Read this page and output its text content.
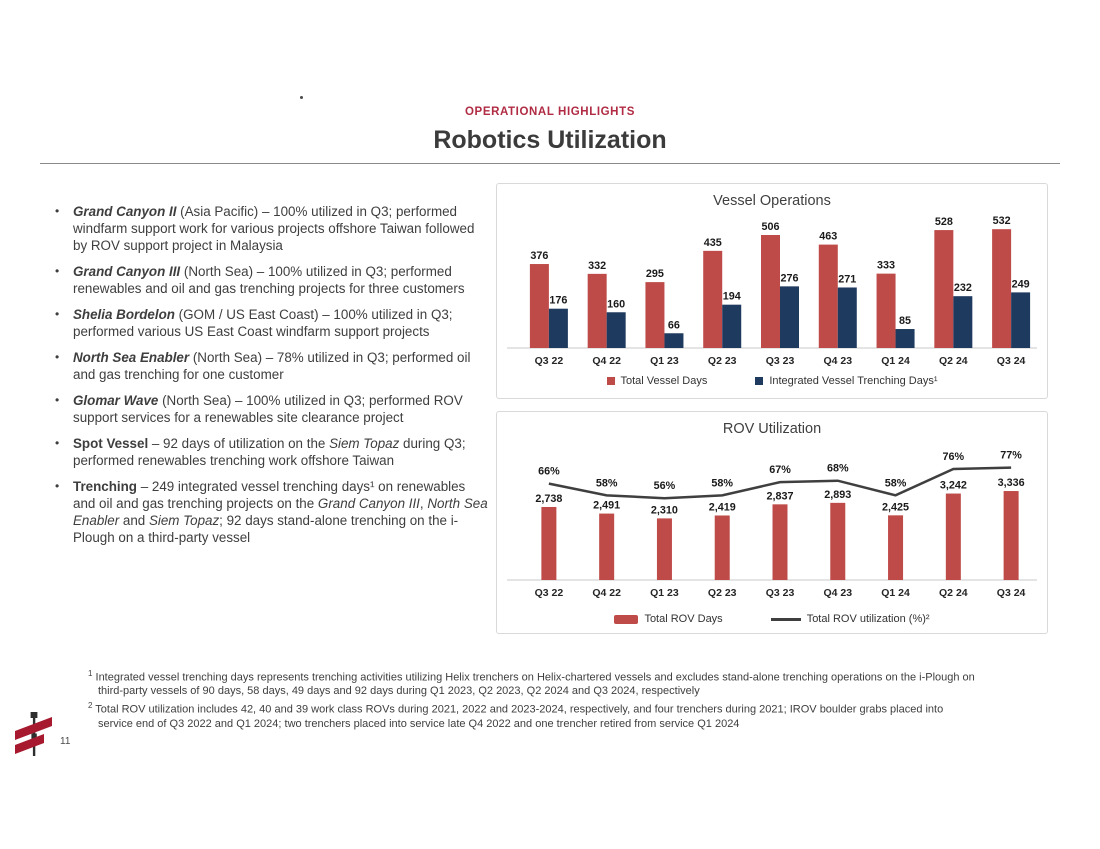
OPERATIONAL HIGHLIGHTS
Robotics Utilization
• Grand Canyon II (Asia Pacific) – 100% utilized in Q3; performed windfarm support work for various projects offshore Taiwan followed by ROV support project in Malaysia
• Grand Canyon III (North Sea) – 100% utilized in Q3; performed renewables and oil and gas trenching projects for three customers
• Shelia Bordelon (GOM / US East Coast) – 100% utilized in Q3; performed various US East Coast windfarm support projects
• North Sea Enabler (North Sea) – 78% utilized in Q3; performed oil and gas trenching for one customer
• Glomar Wave (North Sea) – 100% utilized in Q3; performed ROV support services for a renewables site clearance project
• Spot Vessel – 92 days of utilization on the Siem Topaz during Q3; performed renewables trenching work offshore Taiwan
• Trenching – 249 integrated vessel trenching days¹ on renewables and oil and gas trenching projects on the Grand Canyon III, North Sea Enabler and Siem Topaz; 92 days stand-alone trenching on the i-Plough on a third-party vessel
Vessel Operations
Q3 22	Q4 22	Q1 23	Q2 23	Q3 23	Q4 23	Q1 24	Q2 24	Q3 24
376
332
295
435
506
463
333
528	532
176	160
66
194
276	271
85
232	249
Total Vessel Days	Integrated Vessel Trenching Days¹
ROV Utilization
Q3 22	Q4 22	Q1 23	Q2 23	Q3 23	Q4 23	Q1 24	Q2 24	Q3 24
2,738
2,491	2,310	2,419
2,837	2,893
2,425
3,242	3,336
66%
58%	56%	58%
67%	68%
58%
76%	77%
Total ROV Days	Total ROV utilization (%)²
$^1$ Integrated vessel trenching days represents trenching activities utilizing Helix trenchers on Helix-chartered vessels and excludes stand-alone trenching operations on the i-Plough on third-party vessels of 90 days, 58 days, 49 days and 92 days during Q1 2023, Q2 2023, Q2 2024 and Q3 2024, respectively
$^2$ Total ROV utilization includes 42, 40 and 39 work class ROVs during 2021, 2022 and 2023-2024, respectively, and four trenchers during 2021; IROV boulder grabs placed into service end of Q3 2022 and Q1 2024; two trenchers placed into service late Q4 2022 and one trencher retired from service Q1 2024
11
